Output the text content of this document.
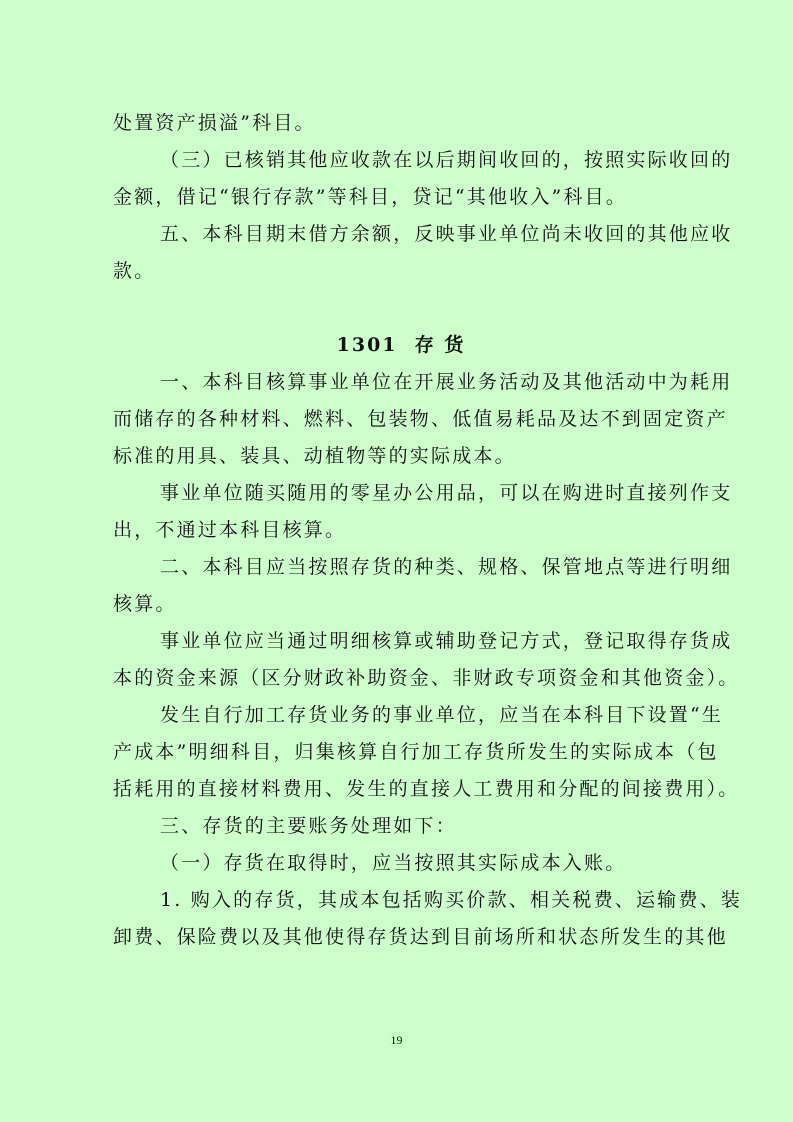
处置资产损溢”科目。
（三）已核销其他应收款在以后期间收回的，按照实际收回的
金额，借记“银行存款”等科目，贷记“其他收入”科目。
五、本科目期末借方余额，反映事业单位尚未收回的其他应收
款。
1301  存 货
一、本科目核算事业单位在开展业务活动及其他活动中为耗用
而储存的各种材料、燃料、包装物、低值易耗品及达不到固定资产
标准的用具、装具、动植物等的实际成本。
事业单位随买随用的零星办公用品，可以在购进时直接列作支
出，不通过本科目核算。
二、本科目应当按照存货的种类、规格、保管地点等进行明细
核算。
事业单位应当通过明细核算或辅助登记方式，登记取得存货成
本的资金来源（区分财政补助资金、非财政专项资金和其他资金）。
发生自行加工存货业务的事业单位，应当在本科目下设置“生
产成本”明细科目，归集核算自行加工存货所发生的实际成本（包
括耗用的直接材料费用、发生的直接人工费用和分配的间接费用）。
三、存货的主要账务处理如下：
（一）存货在取得时，应当按照其实际成本入账。
1. 购入的存货，其成本包括购买价款、相关税费、运输费、装
卸费、保险费以及其他使得存货达到目前场所和状态所发生的其他
19
